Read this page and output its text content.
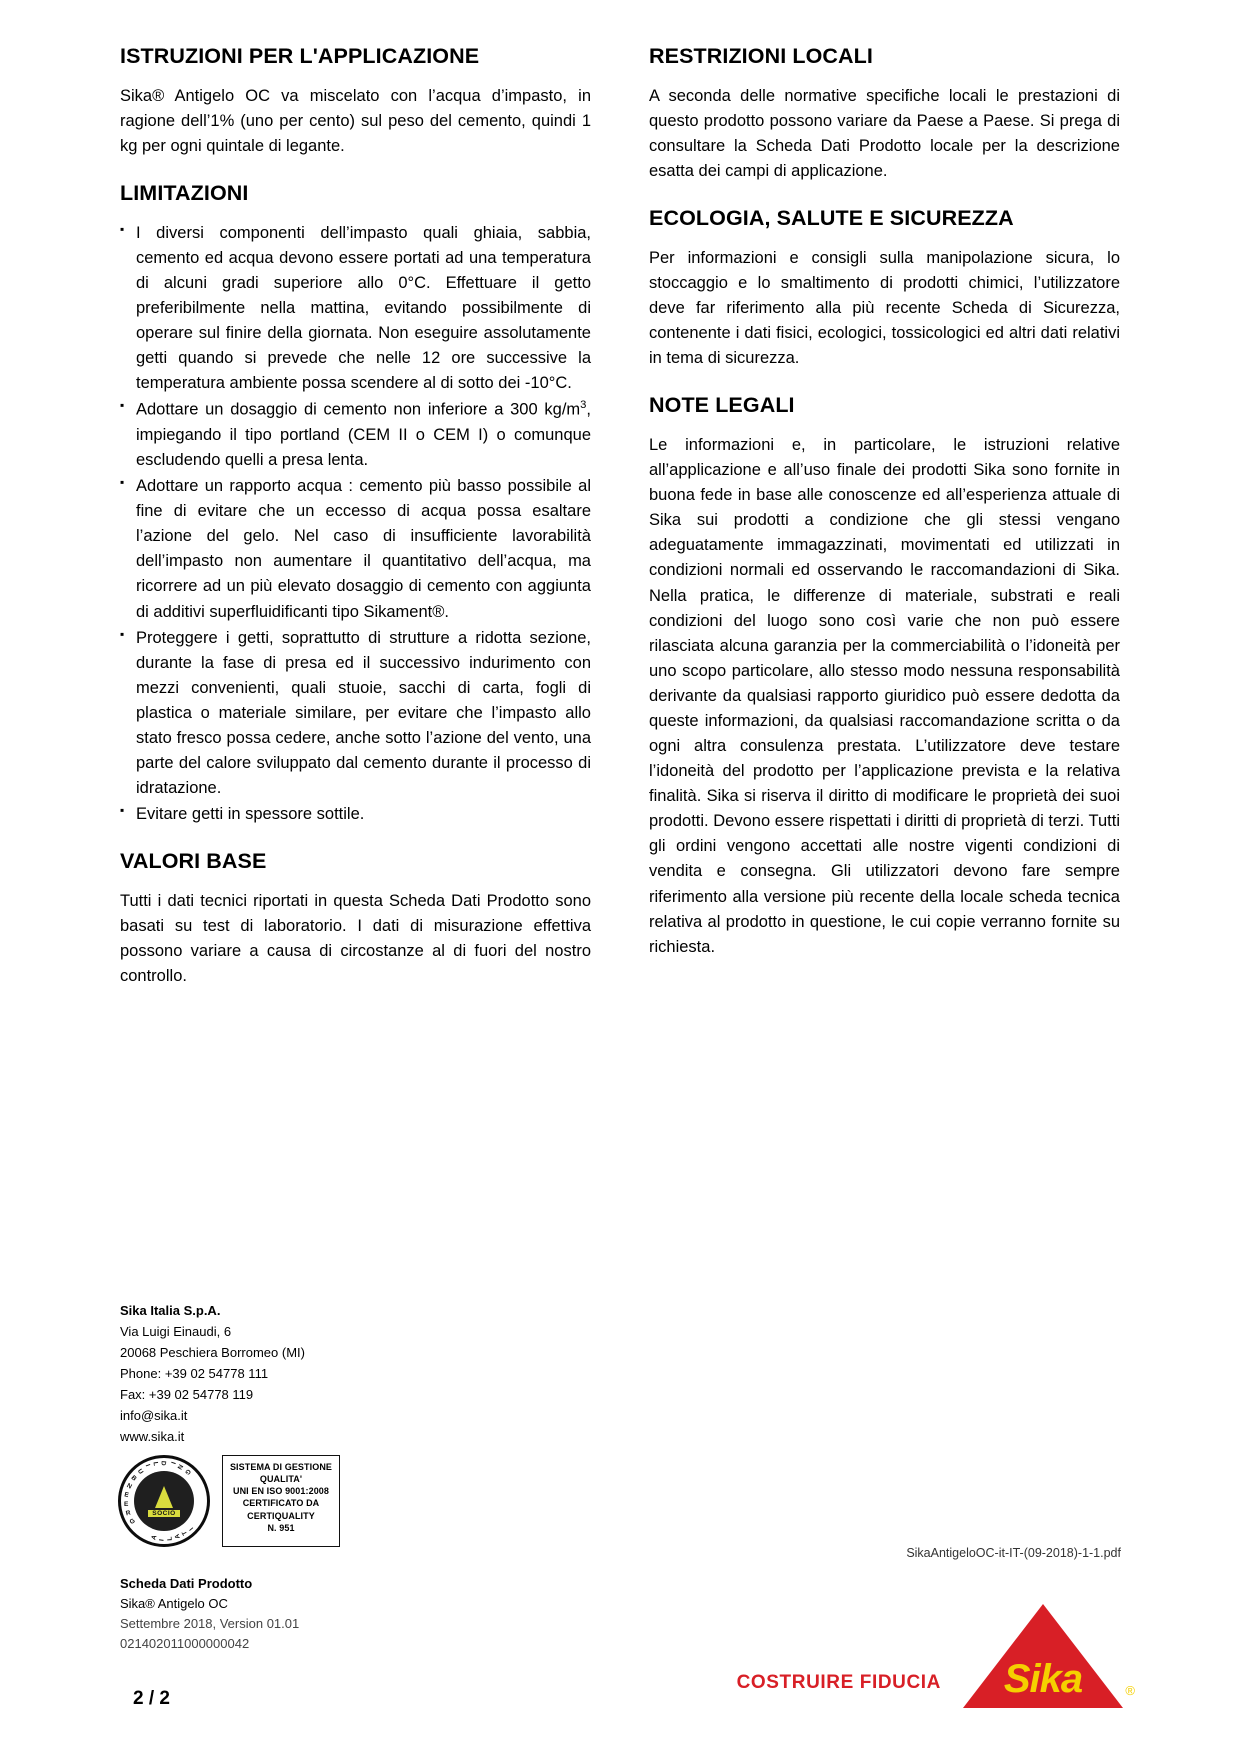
ISTRUZIONI PER L'APPLICAZIONE

Sika® Antigelo OC va miscelato con l’acqua d’impasto, in ragione dell’1% (uno per cento) sul peso del cemento, quindi 1 kg per ogni quintale di legante.

LIMITAZIONI
▪ I diversi componenti dell’impasto quali ghiaia, sabbia, cemento ed acqua devono essere portati ad una temperatura di alcuni gradi superiore allo 0°C. Effettuare il getto preferibilmente nella mattina, evitando possibilmente di operare sul finire della giornata. Non eseguire assolutamente getti quando si prevede che nelle 12 ore successive la temperatura ambiente possa scendere al di sotto dei -10°C.
▪ Adottare un dosaggio di cemento non inferiore a 300 $kg/m^3$, impiegando il tipo portland (CEM II o CEM I) o comunque escludendo quelli a presa lenta.
▪ Adottare un rapporto acqua : cemento più basso possibile al fine di evitare che un eccesso di acqua possa esaltare l’azione del gelo. Nel caso di insufficiente lavorabilità dell’impasto non aumentare il quantitativo dell’acqua, ma ricorrere ad un più elevato dosaggio di cemento con aggiunta di additivi superfluidificanti tipo Sikament®.
▪ Proteggere i getti, soprattutto di strutture a ridotta sezione, durante la fase di presa ed il successivo indurimento con mezzi convenienti, quali stuoie, sacchi di carta, fogli di plastica o materiale similare, per evitare che l’impasto allo stato fresco possa cedere, anche sotto l’azione del vento, una parte del calore sviluppato dal cemento durante il processo di idratazione.
▪ Evitare getti in spessore sottile.
VALORI BASE

Tutti i dati tecnici riportati in questa Scheda Dati Prodotto sono basati su test di laboratorio. I dati di misurazione effettiva possono variare a causa di circostanze al di fuori del nostro controllo.

RESTRIZIONI LOCALI

A seconda delle normative specifiche locali le prestazioni di questo prodotto possono variare da Paese a Paese. Si prega di consultare la Scheda Dati Prodotto locale per la descrizione esatta dei campi di applicazione.

ECOLOGIA, SALUTE E SICUREZZA

Per informazioni e consigli sulla manipolazione sicura, lo stoccaggio e lo smaltimento di prodotti chimici, l’utilizzatore deve far riferimento alla più recente Scheda di Sicurezza, contenente i dati fisici, ecologici, tossicologici ed altri dati relativi in tema di sicurezza.

NOTE LEGALI

Le informazioni e, in particolare, le istruzioni relative all’applicazione e all’uso finale dei prodotti Sika sono fornite in buona fede in base alle conoscenze ed all’esperienza attuale di Sika sui prodotti a condizione che gli stessi vengano adeguatamente immagazzinati, movimentati ed utilizzati in condizioni normali ed osservando le raccomandazioni di Sika. Nella pratica, le differenze di materiale, substrati e reali condizioni del luogo sono così varie che non può essere rilasciata alcuna garanzia per la commerciabilità o l’idoneità per uno scopo particolare, allo stesso modo nessuna responsabilità derivante da qualsiasi rapporto giuridico può essere dedotta da queste informazioni, da qualsiasi raccomandazione scritta o da ogni altra consulenza prestata. L’utilizzatore deve testare l’idoneità del prodotto per l’applicazione prevista e la relativa finalità. Sika si riserva il diritto di modificare le proprietà dei suoi prodotti. Devono essere rispettati i diritti di proprietà di terzi. Tutti gli ordini vengono accettati alle nostre vigenti condizioni di vendita e consegna. Gli utilizzatori devono fare sempre riferimento alla versione più recente della locale scheda tecnica relativa al prodotto in questione, le cui copie verranno fornite su richiesta.

Sika Italia S.p.A.
Via Luigi Einaudi, 6
20068 Peschiera Borromeo (MI)
Phone: +39 02 54778 111
Fax: +39 02 54778 119
info@sika.it
www.sika.it
G
R
E
E
N
B
U
I L D I
N
G
I
T
A
L
I
A
SOCIO
SISTEMA DI GESTIONE
QUALITA'
UNI EN ISO 9001:2008
CERTIFICATO DA
CERTIQUALITY
N. 951
Scheda Dati Prodotto
Sika® Antigelo OC
Settembre 2018, Version 01.01
021402011000000042
2 / 2
SikaAntigeloOC-it-IT-(09-2018)-1-1.pdf
COSTRUIRE FIDUCIA	Sika	®
